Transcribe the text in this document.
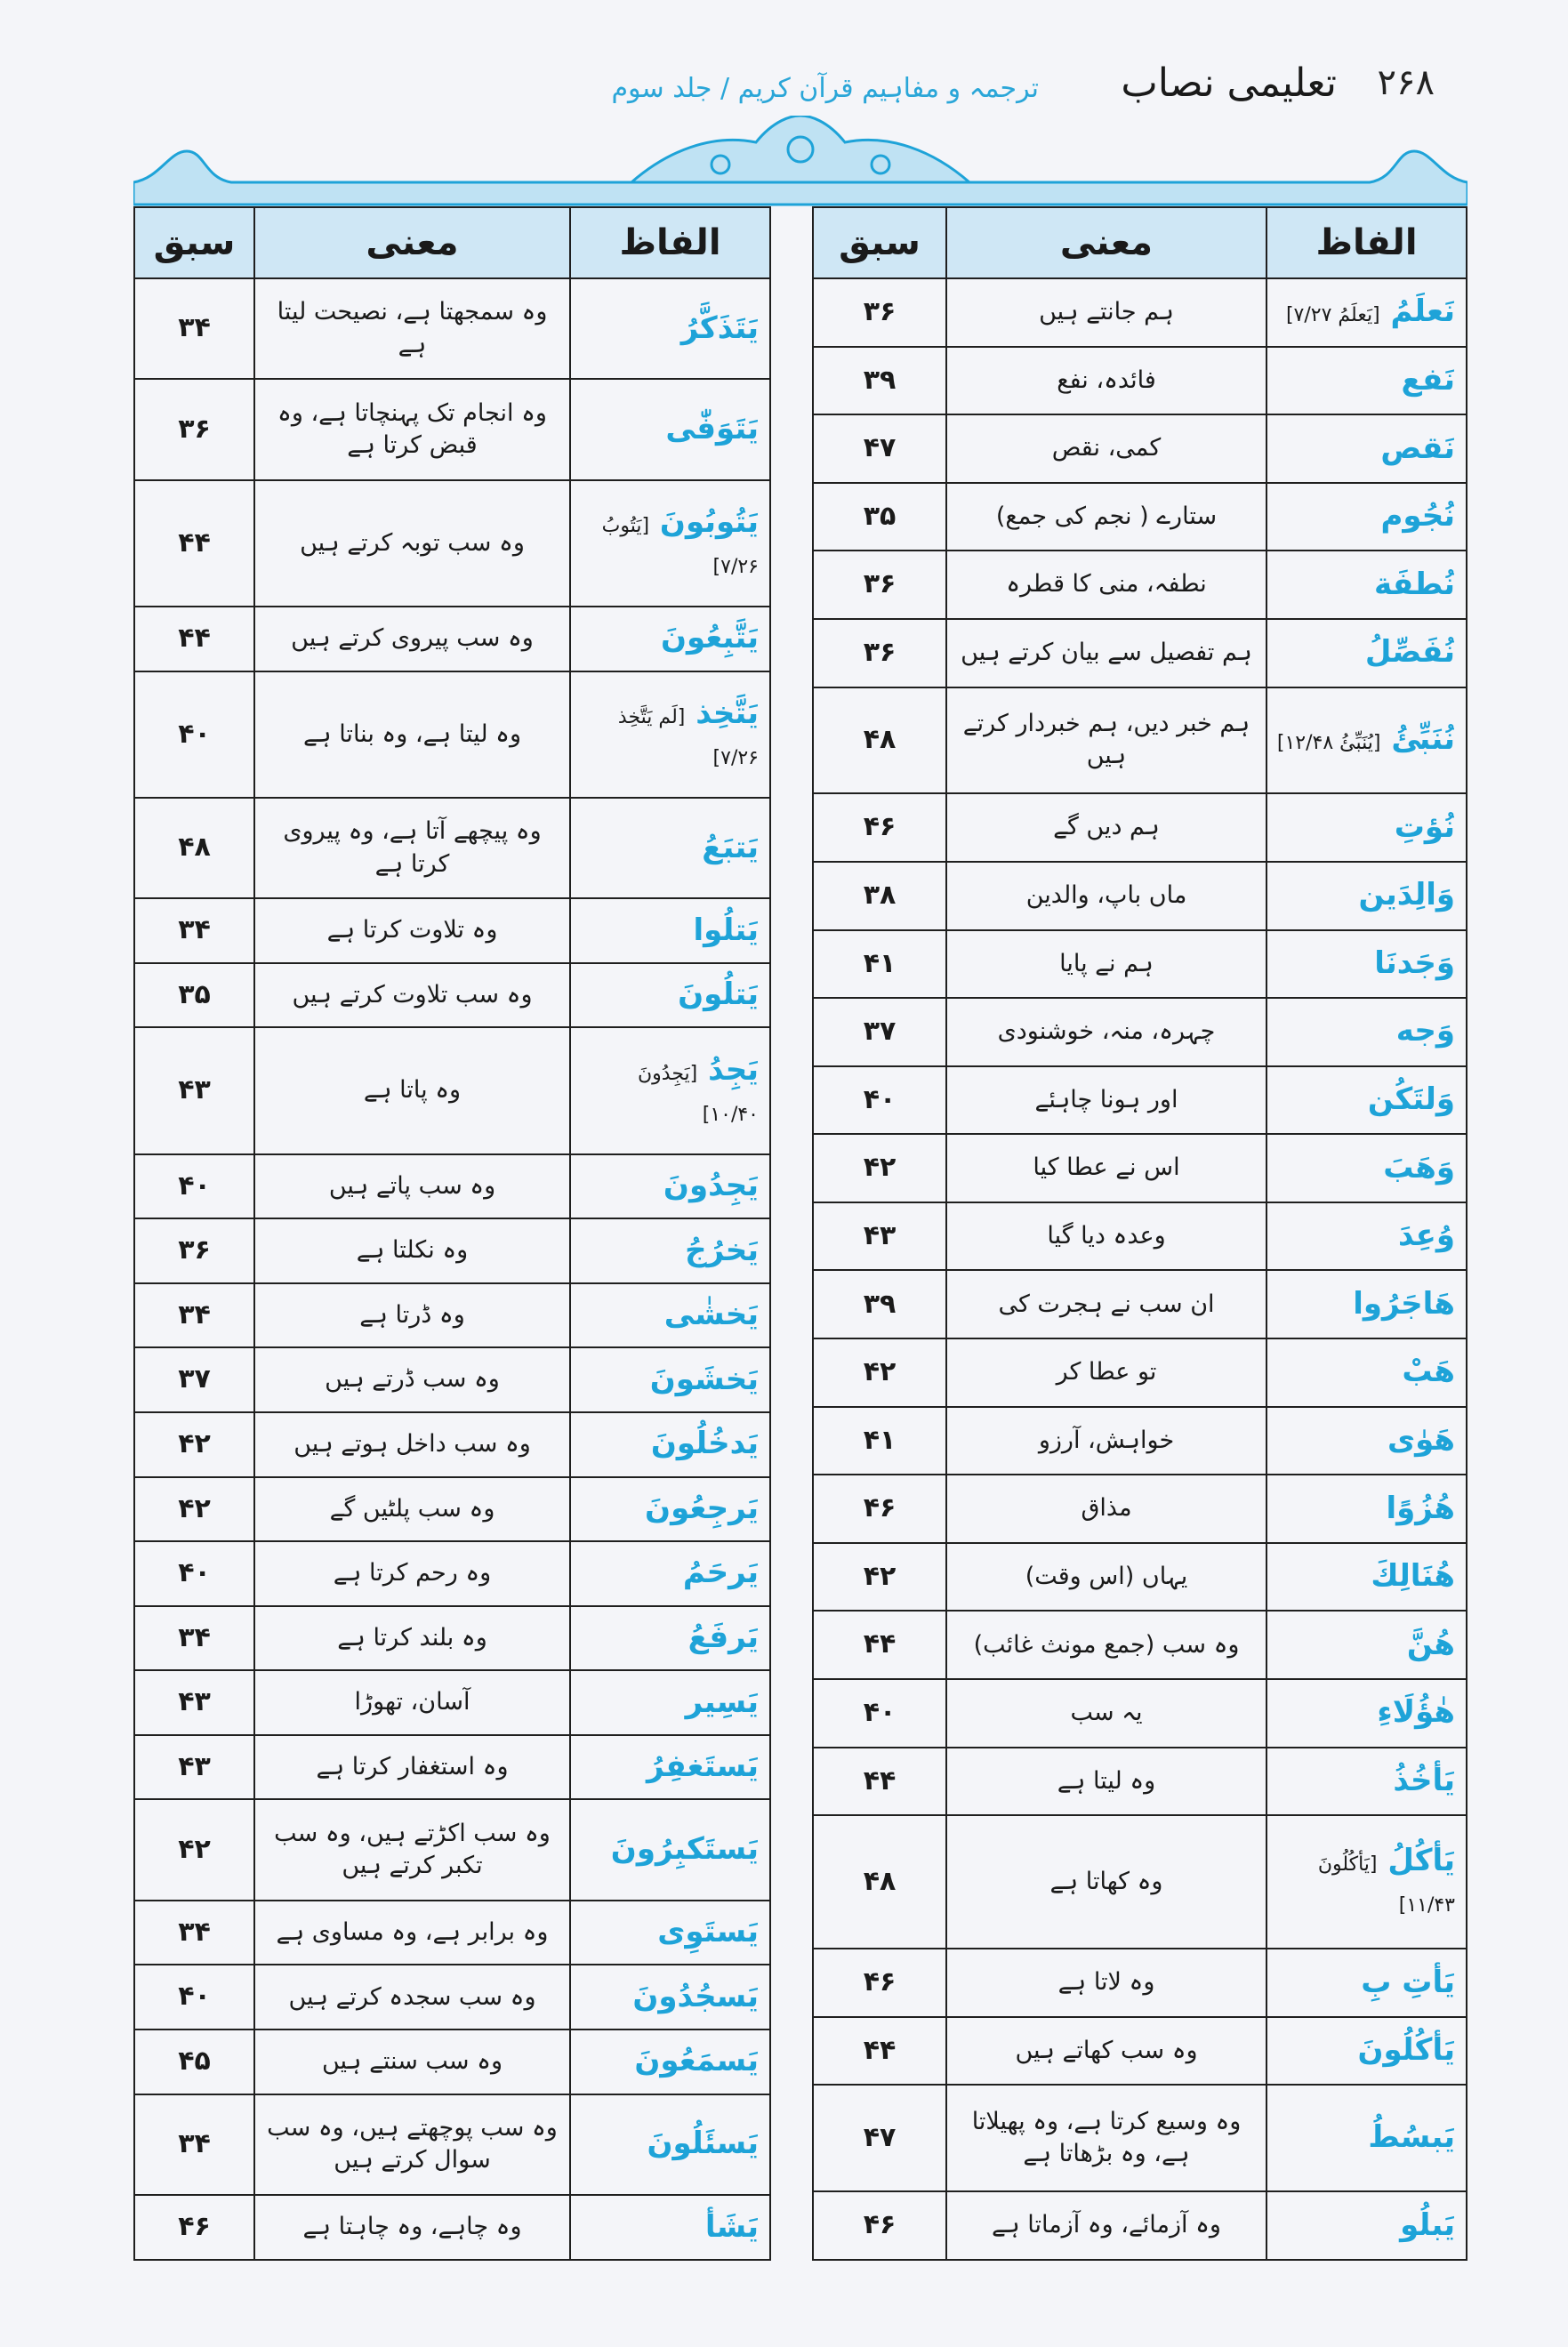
۲۶۸
تعلیمی نصاب
ترجمہ و مفاہیم قرآن کریم / جلد سوم
الفاظ	معنی	سبق
نَعلَمُ [يَعلَمُ ۷/۲۷]	ہم جانتے ہیں	۳۶
نَفع	فائدہ، نفع	۳۹
نَقص	کمی، نقص	۴۷
نُجُوم	ستارے ( نجم کی جمع)	۳۵
نُطفَة	نطفہ، منی کا قطرہ	۳۶
نُفَصِّلُ	ہم تفصیل سے بیان کرتے ہیں	۳۶
نُنَبِّئُ [يُنَبِّئُ ۱۲/۴۸]	ہم خبر دیں، ہم خبردار کرتے ہیں	۴۸
نُؤتِ	ہم دیں گے	۴۶
وَالِدَين	ماں باپ، والدین	۳۸
وَجَدنَا	ہم نے پایا	۴۱
وَجه	چہرہ، منہ، خوشنودی	۳۷
وَلتَكُن	اور ہونا چاہئے	۴۰
وَهَبَ	اس نے عطا کیا	۴۲
وُعِدَ	وعدہ دیا گیا	۴۳
هَاجَرُوا	ان سب نے ہجرت کی	۳۹
هَبْ	تو عطا کر	۴۲
هَوٰى	خواہش، آرزو	۴۱
هُزُوًا	مذاق	۴۶
هُنَالِكَ	یہاں (اس وقت)	۴۲
هُنَّ	وہ سب (جمع مونث غائب)	۴۴
هٰؤُلَاءِ	یہ سب	۴۰
يَأخُذُ	وہ لیتا ہے	۴۴
يَأكُلُ [يَأكُلُونَ ۱۱/۴۳]	وہ کھاتا ہے	۴۸
يَأتِ بِ	وہ لاتا ہے	۴۶
يَأكُلُونَ	وہ سب کھاتے ہیں	۴۴
يَبسُطُ	وہ وسیع کرتا ہے، وہ پھیلاتا ہے، وہ بڑھاتا ہے	۴۷
يَبلُو	وہ آزمائے، وہ آزماتا ہے	۴۶
الفاظ	معنی	سبق
يَتَذَكَّرُ	وہ سمجھتا ہے، نصیحت لیتا ہے	۳۴
يَتَوَفّٰى	وہ انجام تک پہنچاتا ہے، وہ قبض کرتا ہے	۳۶
يَتُوبُونَ [يَتُوبُ ۷/۲۶]	وہ سب توبہ کرتے ہیں	۴۴
يَتَّبِعُونَ	وہ سب پیروی کرتے ہیں	۴۴
يَتَّخِذ [لَم يَتَّخِذ ۷/۲۶]	وہ لیتا ہے، وہ بناتا ہے	۴۰
يَتبَعُ	وہ پیچھے آتا ہے، وہ پیروی کرتا ہے	۴۸
يَتلُوا	وہ تلاوت کرتا ہے	۳۴
يَتلُونَ	وہ سب تلاوت کرتے ہیں	۳۵
يَجِدُ [يَجِدُونَ ۱۰/۴۰]	وہ پاتا ہے	۴۳
يَجِدُونَ	وہ سب پاتے ہیں	۴۰
يَخرُجُ	وہ نکلتا ہے	۳۶
يَخشٰى	وہ ڈرتا ہے	۳۴
يَخشَونَ	وہ سب ڈرتے ہیں	۳۷
يَدخُلُونَ	وہ سب داخل ہوتے ہیں	۴۲
يَرجِعُونَ	وہ سب پلٹیں گے	۴۲
يَرحَمُ	وہ رحم کرتا ہے	۴۰
يَرفَعُ	وہ بلند کرتا ہے	۳۴
يَسِير	آسان، تھوڑا	۴۳
يَستَغفِرُ	وہ استغفار کرتا ہے	۴۳
يَستَكبِرُونَ	وہ سب اکڑتے ہیں، وہ سب تکبر کرتے ہیں	۴۲
يَستَوِى	وہ برابر ہے، وہ مساوی ہے	۳۴
يَسجُدُونَ	وہ سب سجدہ کرتے ہیں	۴۰
يَسمَعُونَ	وہ سب سنتے ہیں	۴۵
يَسئَلُونَ	وہ سب پوچھتے ہیں، وہ سب سوال کرتے ہیں	۳۴
يَشَأ	وہ چاہے، وہ چاہتا ہے	۴۶
